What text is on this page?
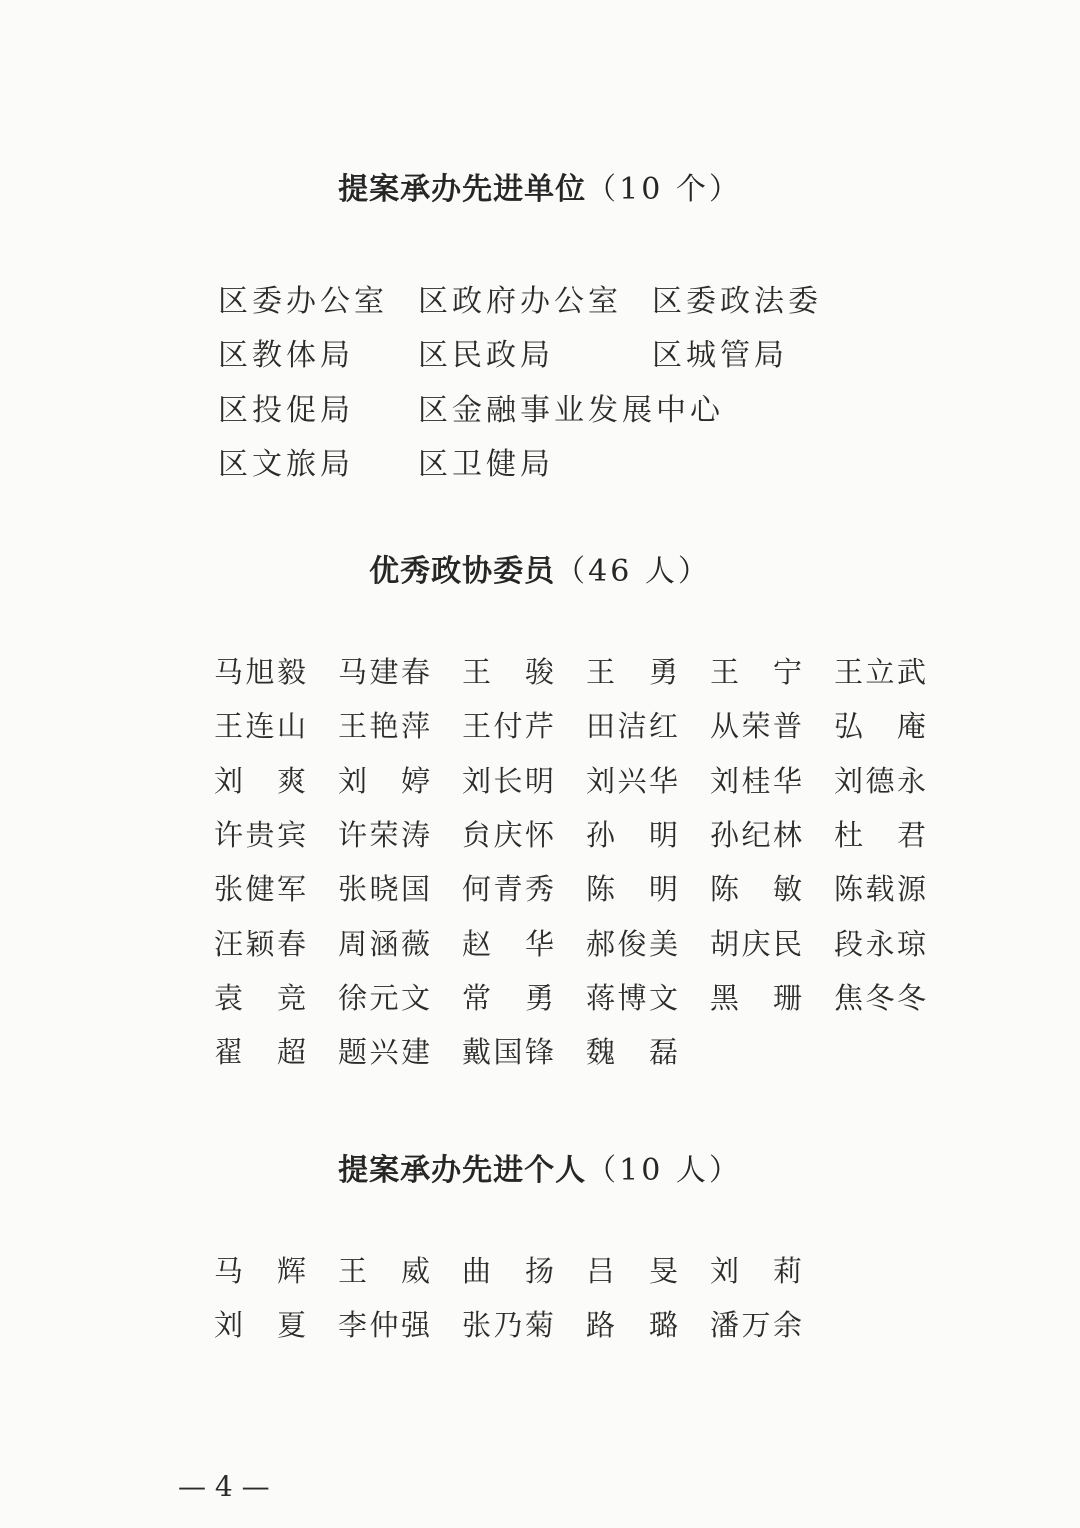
提案承办先进单位（10 个）
区委办公室 区政府办公室 区委政法委
区教体局 区民政局	区城管局
区投促局 区金融事业发展中心
区文旅局 区卫健局
优秀政协委员（46 人）
马旭毅 马建春 王 骏 王 勇 王 宁 王立武
王连山 王艳萍 王付芹 田洁红 从荣普 弘 庵
刘 爽 刘 婷 刘长明 刘兴华 刘桂华 刘德永
许贵宾 许荣涛 贠庆怀 孙 明 孙纪林 杜 君
张健军 张晓国 何青秀 陈 明 陈 敏 陈载源
汪颖春 周涵薇 赵 华 郝俊美 胡庆民 段永琼
袁 竞 徐元文 常 勇 蒋博文 黑 珊 焦冬冬
翟 超 题兴建 戴国锋 魏 磊
提案承办先进个人（10 人）
马 辉 王 威 曲 扬 吕 旻 刘 莉
刘 夏 李仲强 张乃菊 路 璐 潘万余
— 4 —
